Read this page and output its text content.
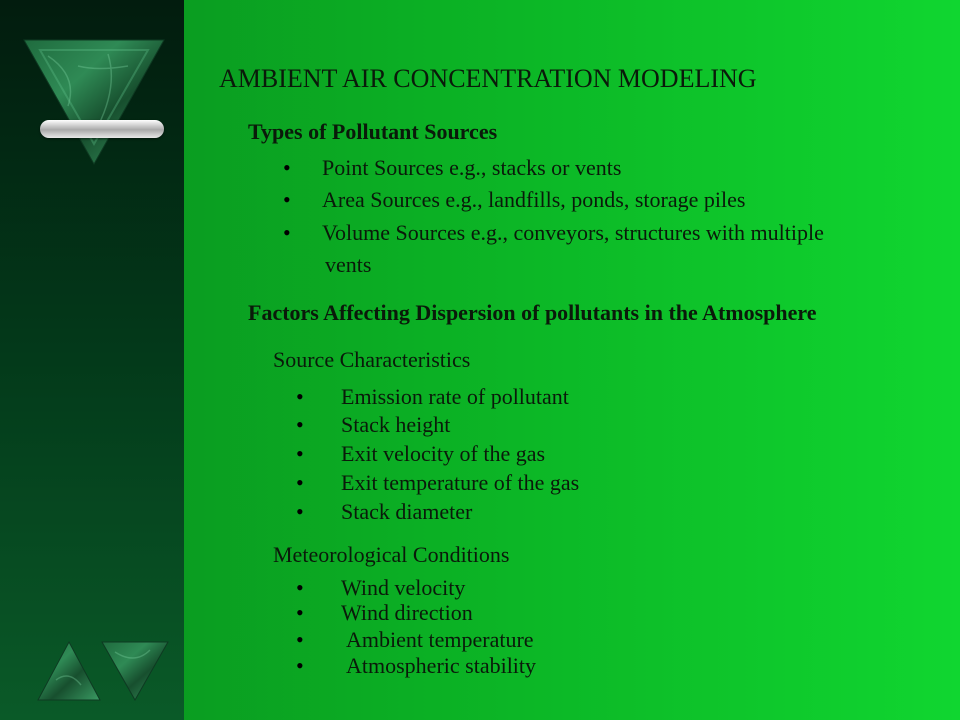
AMBIENT AIR CONCENTRATION MODELING
Types of Pollutant Sources
• Point Sources e.g., stacks or vents
• Area Sources e.g., landfills, ponds, storage piles
• Volume Sources e.g., conveyors, structures with multiple
vents
Factors Affecting Dispersion of pollutants in the Atmosphere
Source Characteristics
• Emission rate of pollutant
• Stack height
• Exit velocity of the gas
• Exit temperature of the gas
• Stack diameter
Meteorological Conditions
• Wind velocity
• Wind direction
• Ambient temperature
• Atmospheric stability
